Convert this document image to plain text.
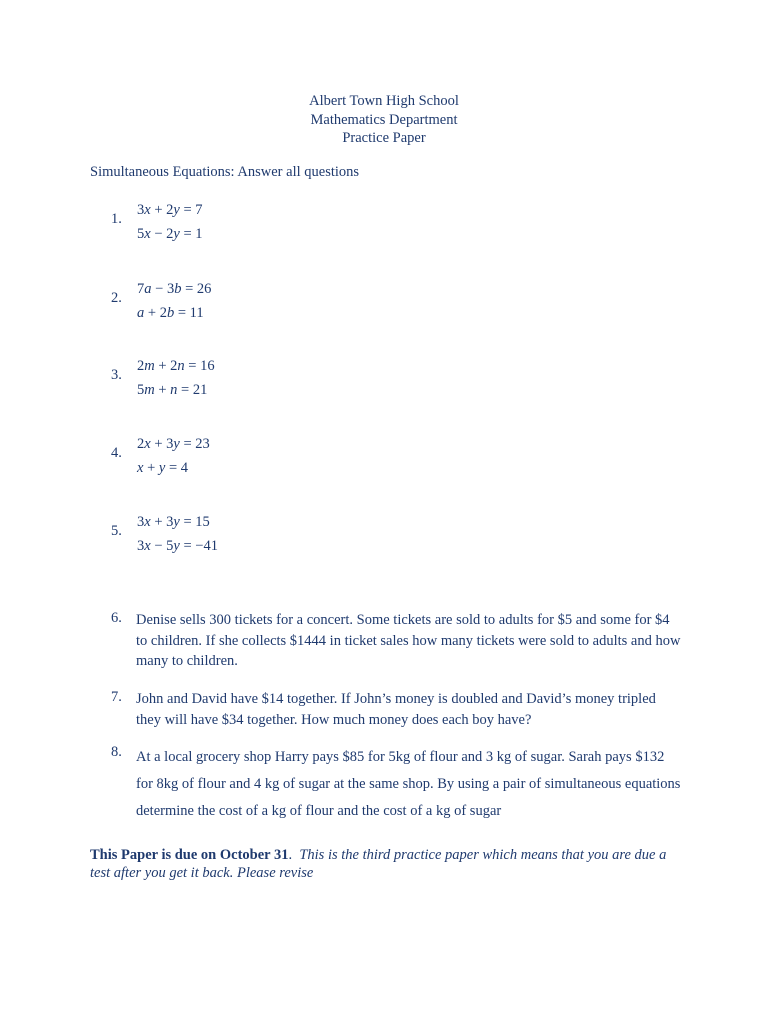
Albert Town High School
Mathematics Department
Practice Paper
Simultaneous Equations: Answer all questions
1.
3x + 2y = 7
5x − 2y = 1
2.
7a − 3b = 26
a + 2b = 11
3.
2m + 2n = 16
5m + n = 21
4.
2x + 3y = 23
x + y = 4
5.
3x + 3y = 15
3x − 5y = −41
6. Denise sells 300 tickets for a concert. Some tickets are sold to adults for $5 and some for $4 to children. If she collects $1444 in ticket sales how many tickets were sold to adults and how many to children.
7. John and David have $14 together. If John’s money is doubled and David’s money tripled they will have $34 together. How much money does each boy have?
8. At a local grocery shop Harry pays $85 for 5kg of flour and 3 kg of sugar. Sarah pays $132 for 8kg of flour and 4 kg of sugar at the same shop. By using a pair of simultaneous equations determine the cost of a kg of flour and the cost of a kg of sugar
This Paper is due on October 31. This is the third practice paper which means that you are due a test after you get it back. Please revise
